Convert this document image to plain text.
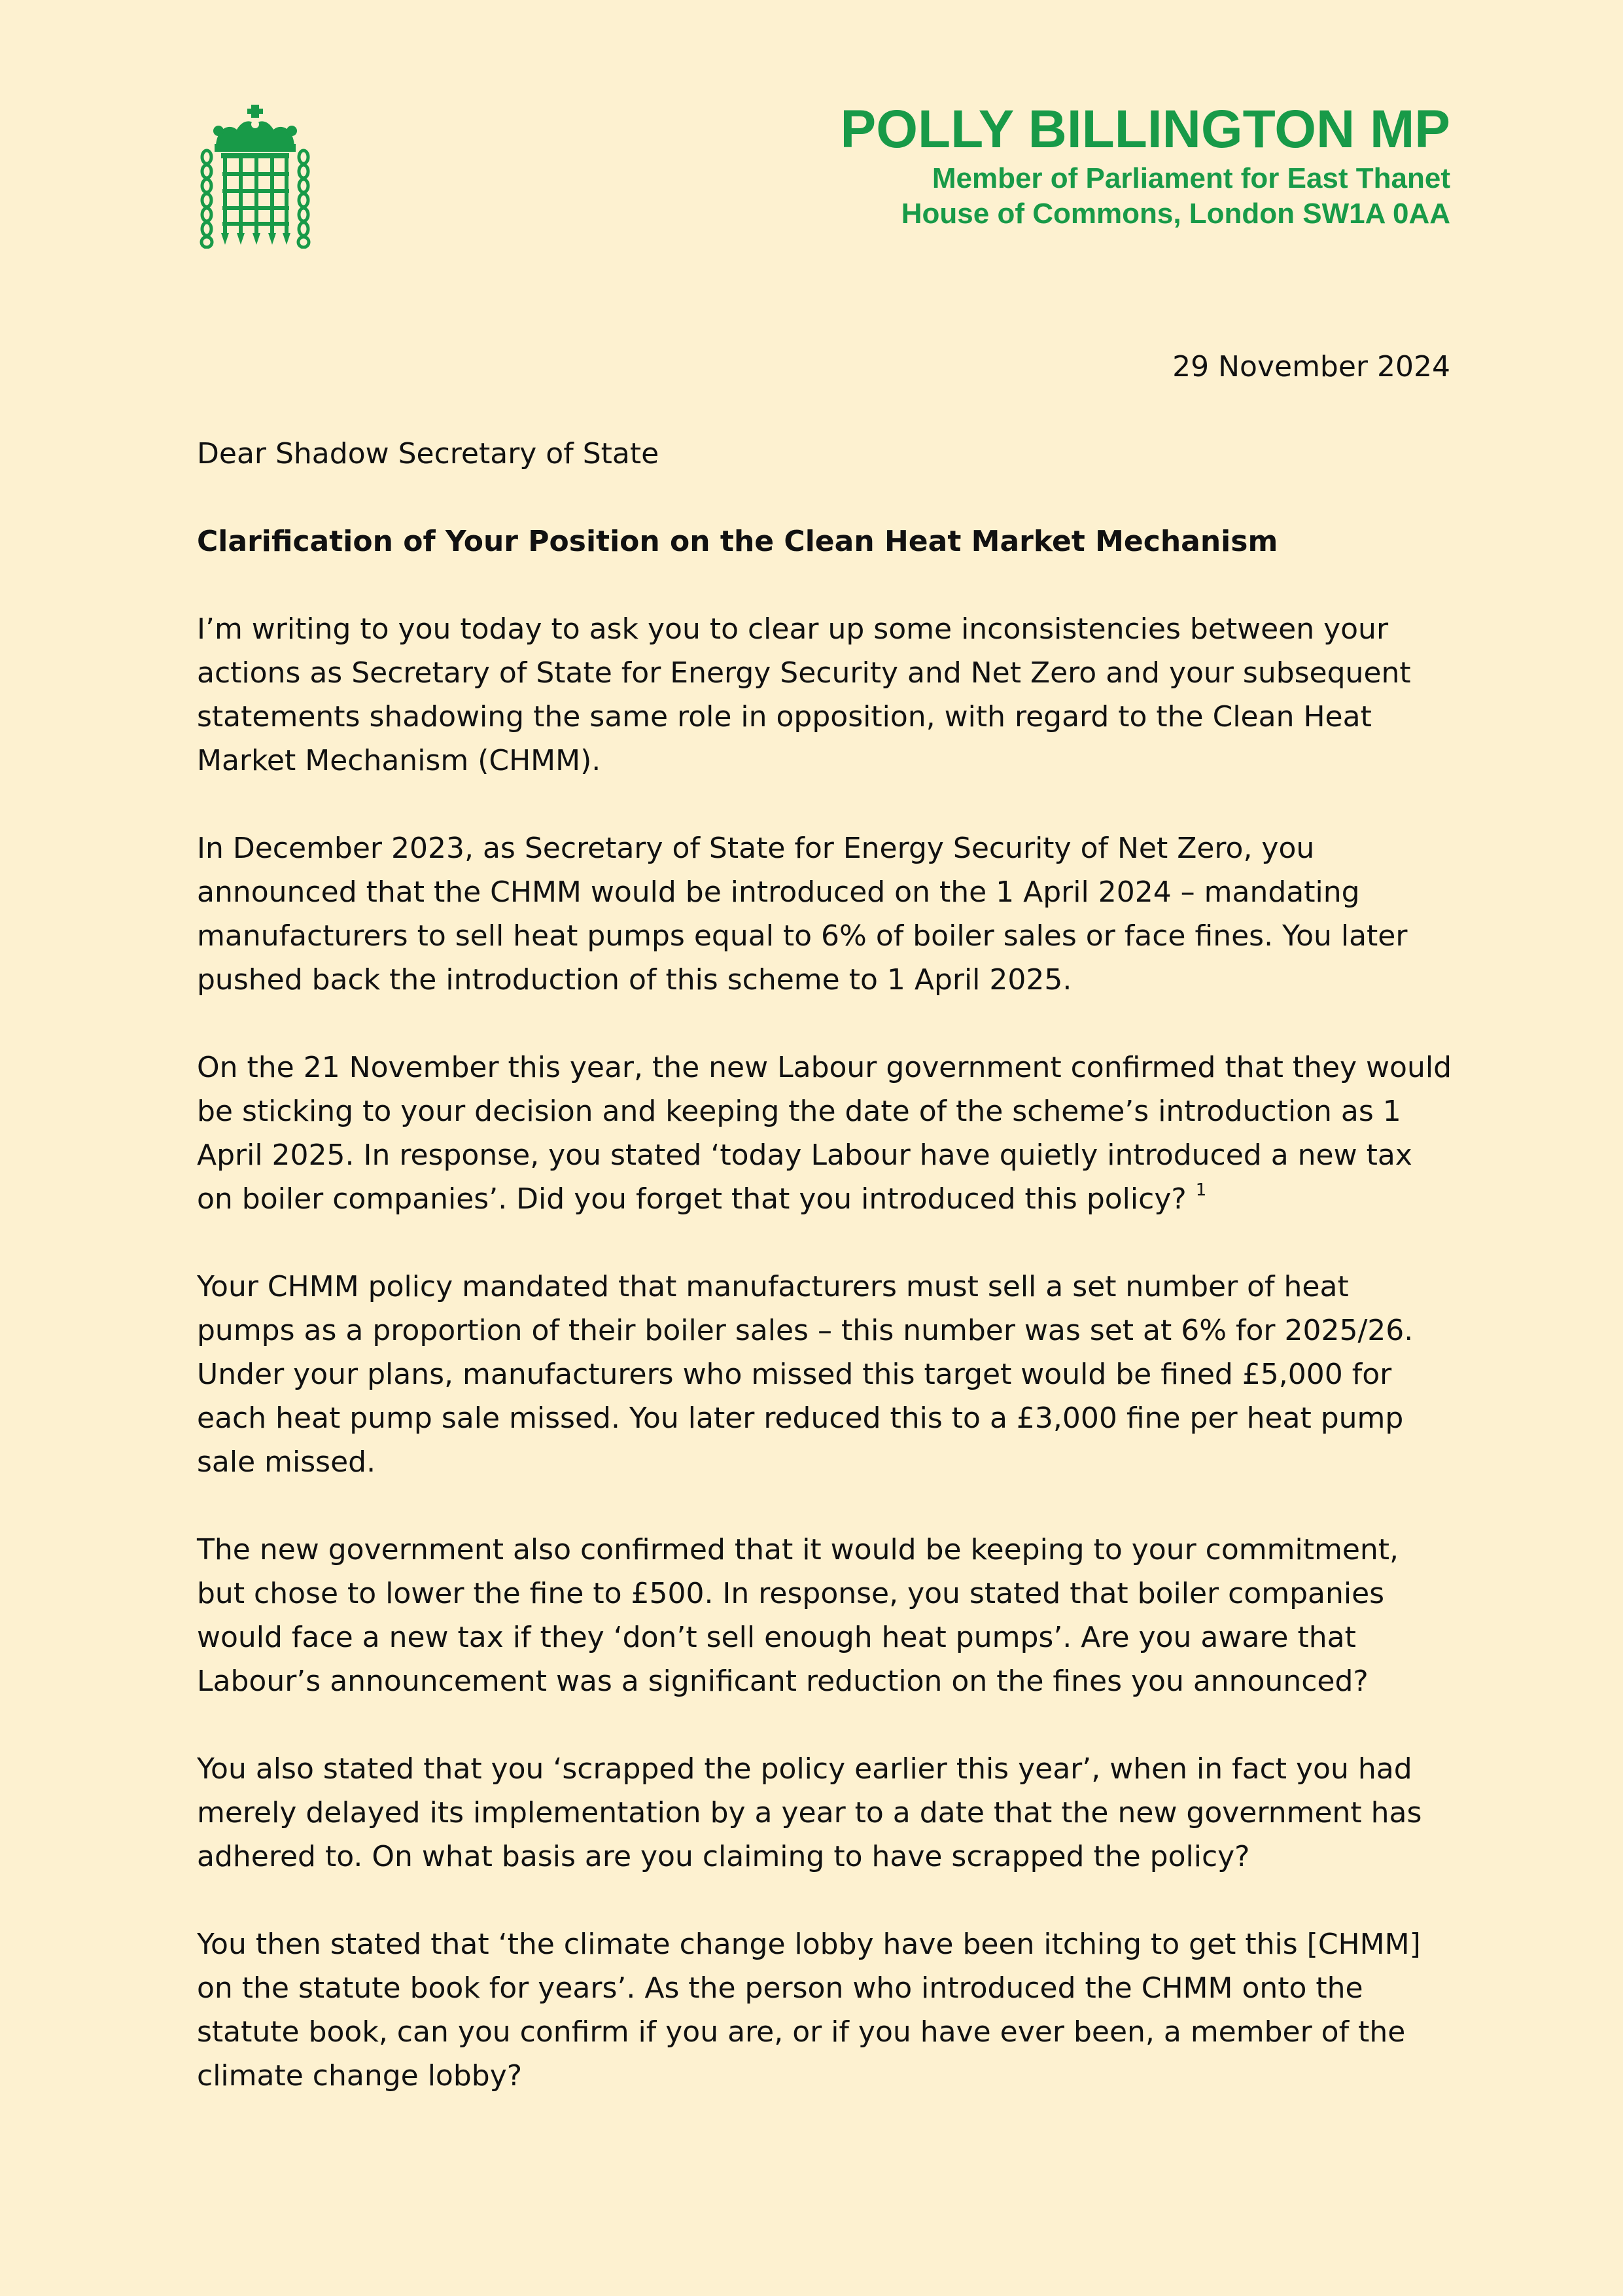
POLLY BILLINGTON MP
Member of Parliament for East Thanet
House of Commons, London SW1A 0AA
29 November 2024
Dear Shadow Secretary of State
Clarification of Your Position on the Clean Heat Market Mechanism

I’m writing to you today to ask you to clear up some inconsistencies between your actions as Secretary of State for Energy Security and Net Zero and your subsequent statements shadowing the same role in opposition, with regard to the Clean Heat Market Mechanism (CHMM).

In December 2023, as Secretary of State for Energy Security of Net Zero, you announced that the CHMM would be introduced on the 1 April 2024 – mandating manufacturers to sell heat pumps equal to 6% of boiler sales or face fines. You later pushed back the introduction of this scheme to 1 April 2025.

On the 21 November this year, the new Labour government confirmed that they would be sticking to your decision and keeping the date of the scheme’s introduction as 1 April 2025. In response, you stated ‘today Labour have quietly introduced a new tax on boiler companies’. Did you forget that you introduced this policy? $^1$

Your CHMM policy mandated that manufacturers must sell a set number of heat pumps as a proportion of their boiler sales – this number was set at 6% for 2025/26. Under your plans, manufacturers who missed this target would be fined £5,000 for each heat pump sale missed. You later reduced this to a £3,000 fine per heat pump sale missed.

The new government also confirmed that it would be keeping to your commitment, but chose to lower the fine to £500. In response, you stated that boiler companies would face a new tax if they ‘don’t sell enough heat pumps’. Are you aware that Labour’s announcement was a significant reduction on the fines you announced?

You also stated that you ‘scrapped the policy earlier this year’, when in fact you had merely delayed its implementation by a year to a date that the new government has adhered to. On what basis are you claiming to have scrapped the policy?

You then stated that ‘the climate change lobby have been itching to get this [CHMM] on the statute book for years’. As the person who introduced the CHMM onto the statute book, can you confirm if you are, or if you have ever been, a member of the climate change lobby?
